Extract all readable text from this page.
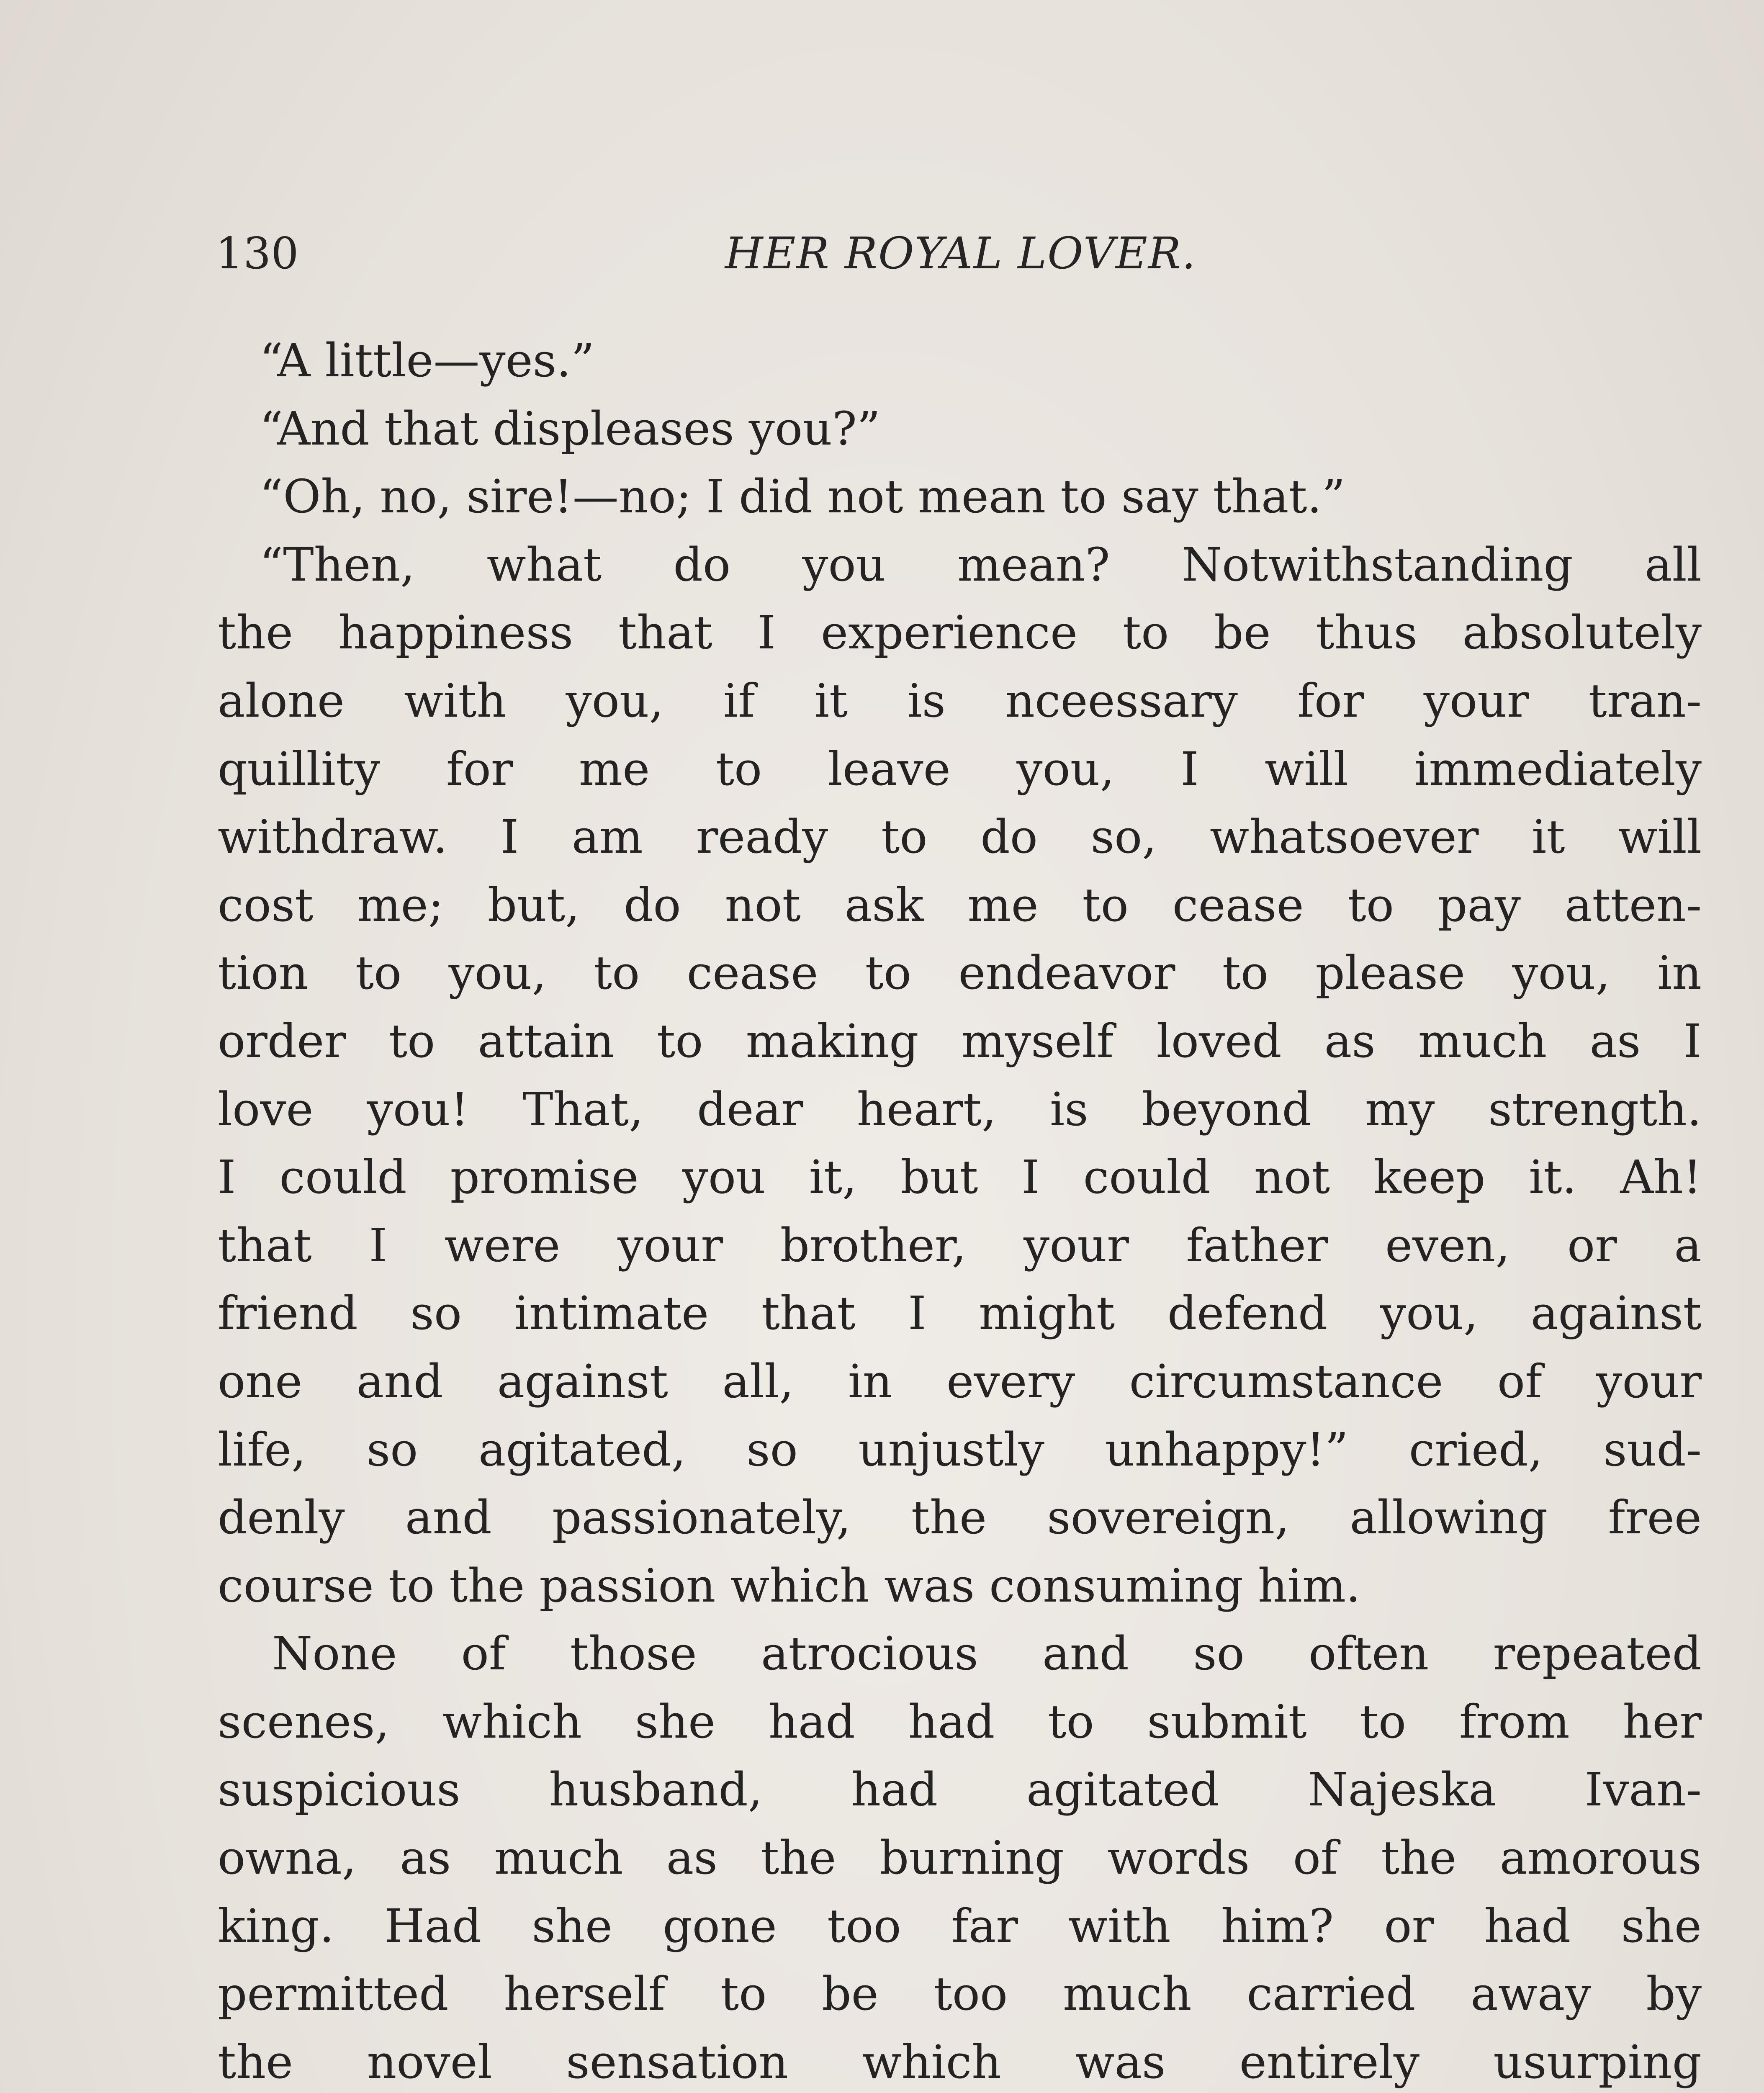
130	HER ROYAL LOVER.
“A little—yes.”
“And that displeases you?”
“Oh, no, sire!—no; I did not mean to say that.”
“Then, what do you mean? Notwithstanding all
the happiness that I experience to be thus absolutely
alone with you, if it is nceessary for your tran-
quillity for me to leave you, I will immediately
withdraw. I am ready to do so, whatsoever it will
cost me; but, do not ask me to cease to pay atten-
tion to you, to cease to endeavor to please you, in
order to attain to making myself loved as much as I
love you! That, dear heart, is beyond my strength.
I could promise you it, but I could not keep it. Ah!
that I were your brother, your father even, or a
friend so intimate that I might defend you, against
one and against all, in every circumstance of your
life, so agitated, so unjustly unhappy!” cried, sud-
denly and passionately, the sovereign, allowing free
course to the passion which was consuming him.
None of those atrocious and so often repeated
scenes, which she had had to submit to from her
suspicious husband, had agitated Najeska Ivan-
owna, as much as the burning words of the amorous
king. Had she gone too far with him? or had she
permitted herself to be too much carried away by
the novel sensation which was entirely usurping
